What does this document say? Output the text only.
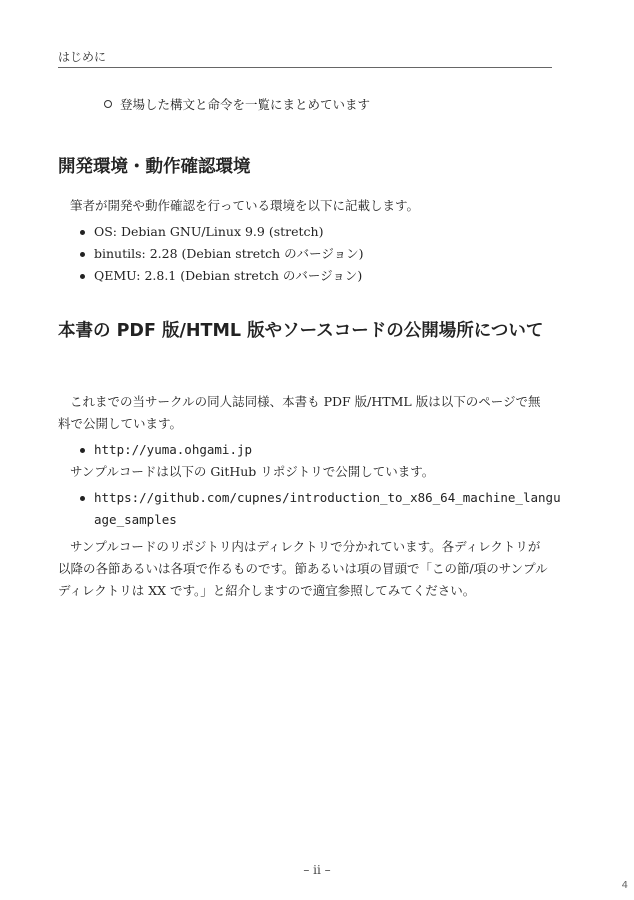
はじめに
登場した構文と命令を一覧にまとめています
開発環境・動作確認環境
筆者が開発や動作確認を行っている環境を以下に記載します。
OS: Debian GNU/Linux 9.9 (stretch)
binutils: 2.28 (Debian stretch のバージョン)
QEMU: 2.8.1 (Debian stretch のバージョン)
本書の PDF 版/HTML 版やソースコードの公開場所について
これまでの当サークルの同人誌同様、本書も PDF 版/HTML 版は以下のページで無料で公開しています。
http://yuma.ohgami.jp
サンプルコードは以下の GitHub リポジトリで公開しています。
https://github.com/cupnes/introduction_to_x86_64_machine_language_samples
サンプルコードのリポジトリ内はディレクトリで分かれています。各ディレクトリが以降の各節あるいは各項で作るものです。節あるいは項の冒頭で「この節/項のサンプルディレクトリは XX です。」と紹介しますので適宜参照してみてください。
– ii –
4
